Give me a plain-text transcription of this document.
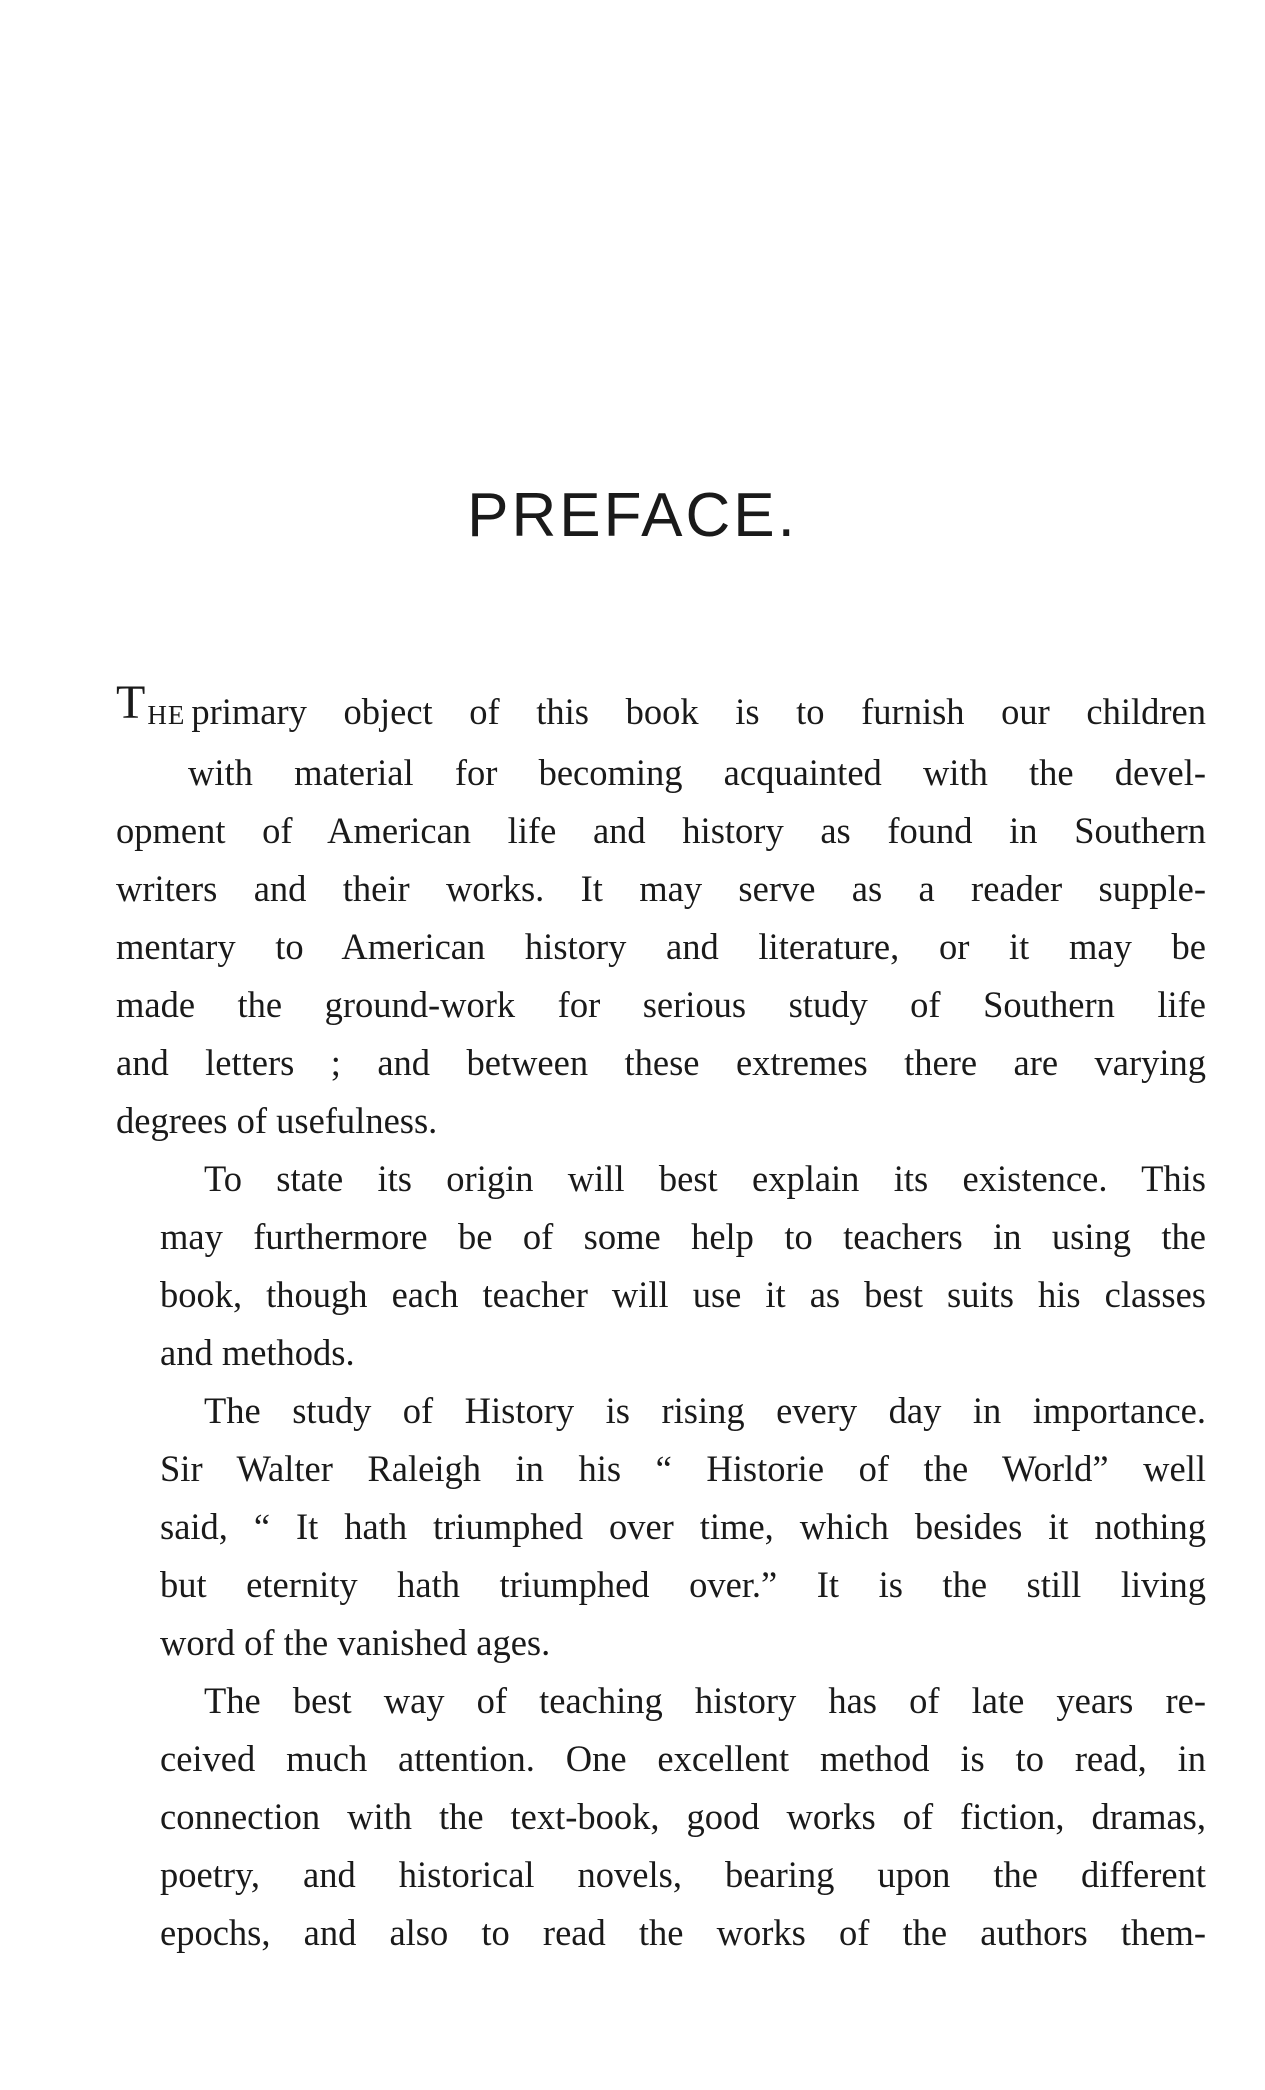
PREFACE.
THE primary object of this book is to furnish our children
with material for becoming acquainted with the devel-
opment of American life and history as found in Southern
writers and their works. It may serve as a reader supple-
mentary to American history and literature, or it may be
made the ground-work for serious study of Southern life
and letters ; and between these extremes there are varying
degrees of usefulness.
To state its origin will best explain its existence. This
may furthermore be of some help to teachers in using the
book, though each teacher will use it as best suits his classes
and methods.
The study of History is rising every day in importance.
Sir Walter Raleigh in his “ Historie of the World” well
said, “ It hath triumphed over time, which besides it nothing
but eternity hath triumphed over.” It is the still living
word of the vanished ages.
The best way of teaching history has of late years re-
ceived much attention. One excellent method is to read, in
connection with the text-book, good works of fiction, dramas,
poetry, and historical novels, bearing upon the different
epochs, and also to read the works of the authors them-
